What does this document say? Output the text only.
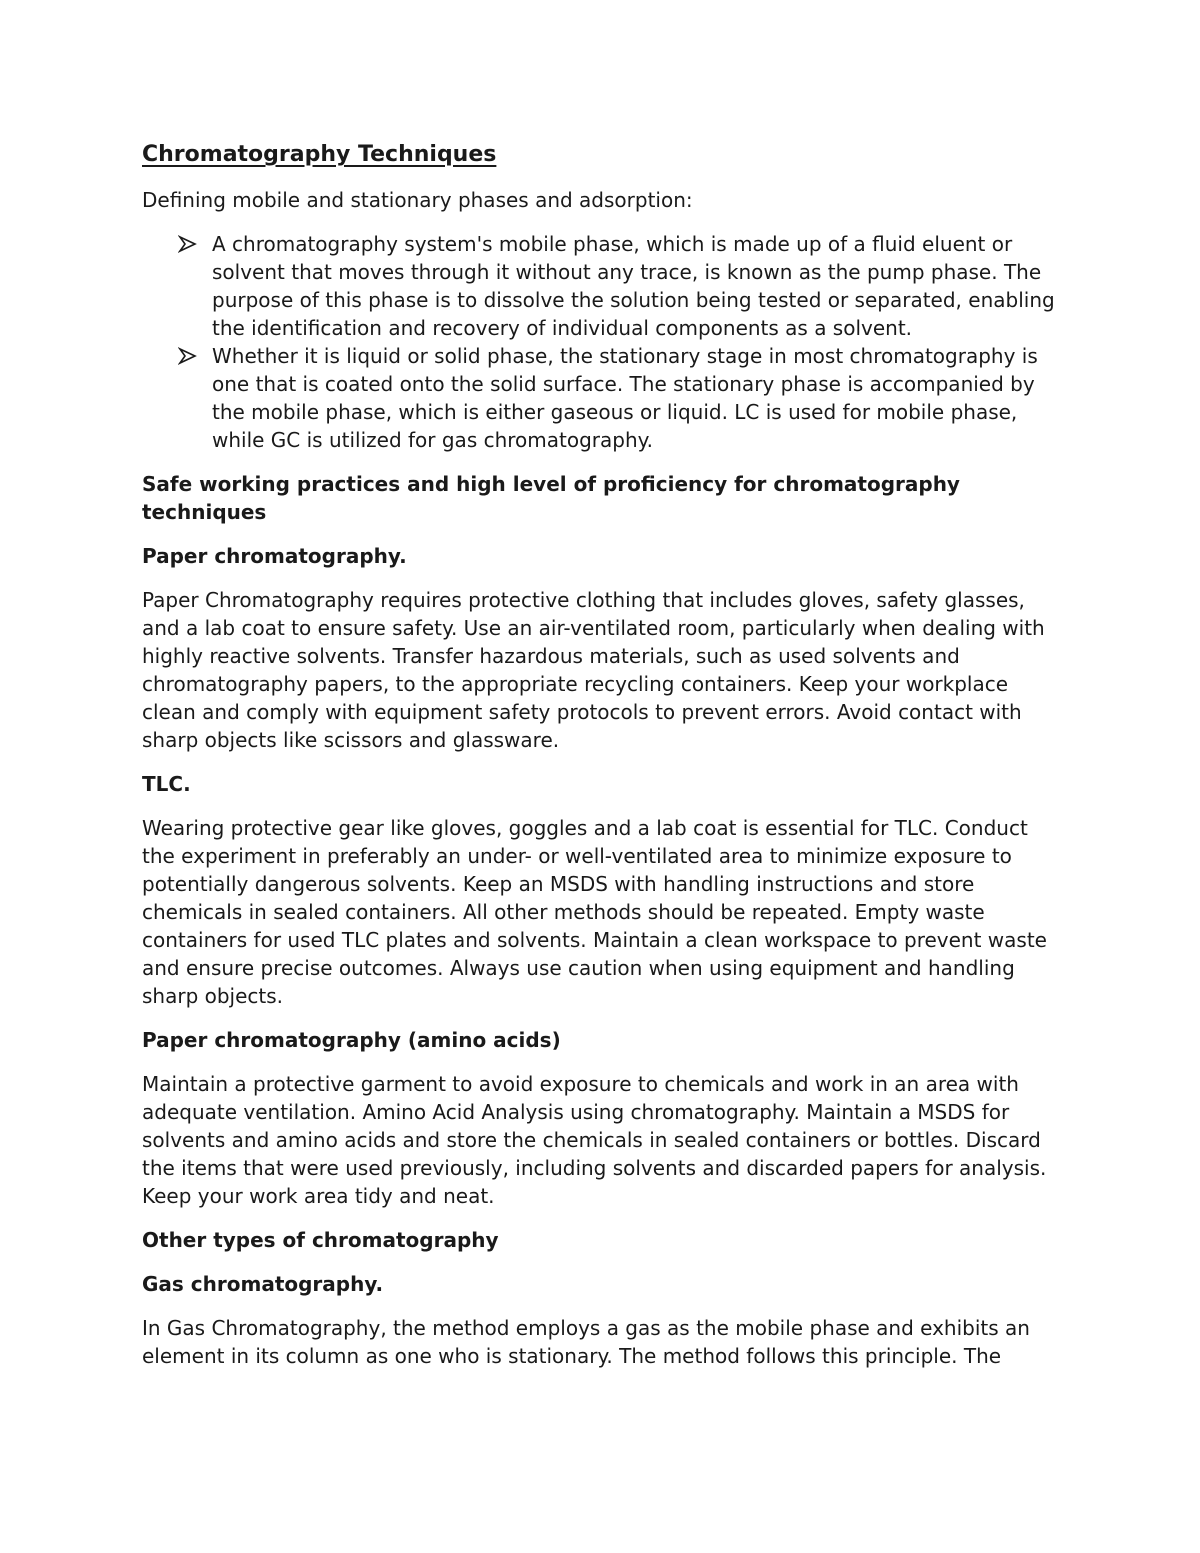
Chromatography Techniques

Defining mobile and stationary phases and adsorption:

A chromatography system's mobile phase, which is made up of a fluid eluent or solvent that moves through it without any trace, is known as the pump phase. The purpose of this phase is to dissolve the solution being tested or separated, enabling the identification and recovery of individual components as a solvent.
Whether it is liquid or solid phase, the stationary stage in most chromatography is one that is coated onto the solid surface. The stationary phase is accompanied by the mobile phase, which is either gaseous or liquid. LC is used for mobile phase, while GC is utilized for gas chromatography.

Safe working practices and high level of proficiency for chromatography techniques

Paper chromatography.

Paper Chromatography requires protective clothing that includes gloves, safety glasses, and a lab coat to ensure safety. Use an air-ventilated room, particularly when dealing with highly reactive solvents. Transfer hazardous materials, such as used solvents and chromatography papers, to the appropriate recycling containers. Keep your workplace clean and comply with equipment safety protocols to prevent errors. Avoid contact with sharp objects like scissors and glassware.

TLC.

Wearing protective gear like gloves, goggles and a lab coat is essential for TLC. Conduct the experiment in preferably an under- or well-ventilated area to minimize exposure to potentially dangerous solvents. Keep an MSDS with handling instructions and store chemicals in sealed containers. All other methods should be repeated. Empty waste containers for used TLC plates and solvents. Maintain a clean workspace to prevent waste and ensure precise outcomes. Always use caution when using equipment and handling sharp objects.

Paper chromatography (amino acids)

Maintain a protective garment to avoid exposure to chemicals and work in an area with adequate ventilation. Amino Acid Analysis using chromatography. Maintain a MSDS for solvents and amino acids and store the chemicals in sealed containers or bottles. Discard the items that were used previously, including solvents and discarded papers for analysis. Keep your work area tidy and neat.

Other types of chromatography

Gas chromatography.

In Gas Chromatography, the method employs a gas as the mobile phase and exhibits an element in its column as one who is stationary. The method follows this principle. The
